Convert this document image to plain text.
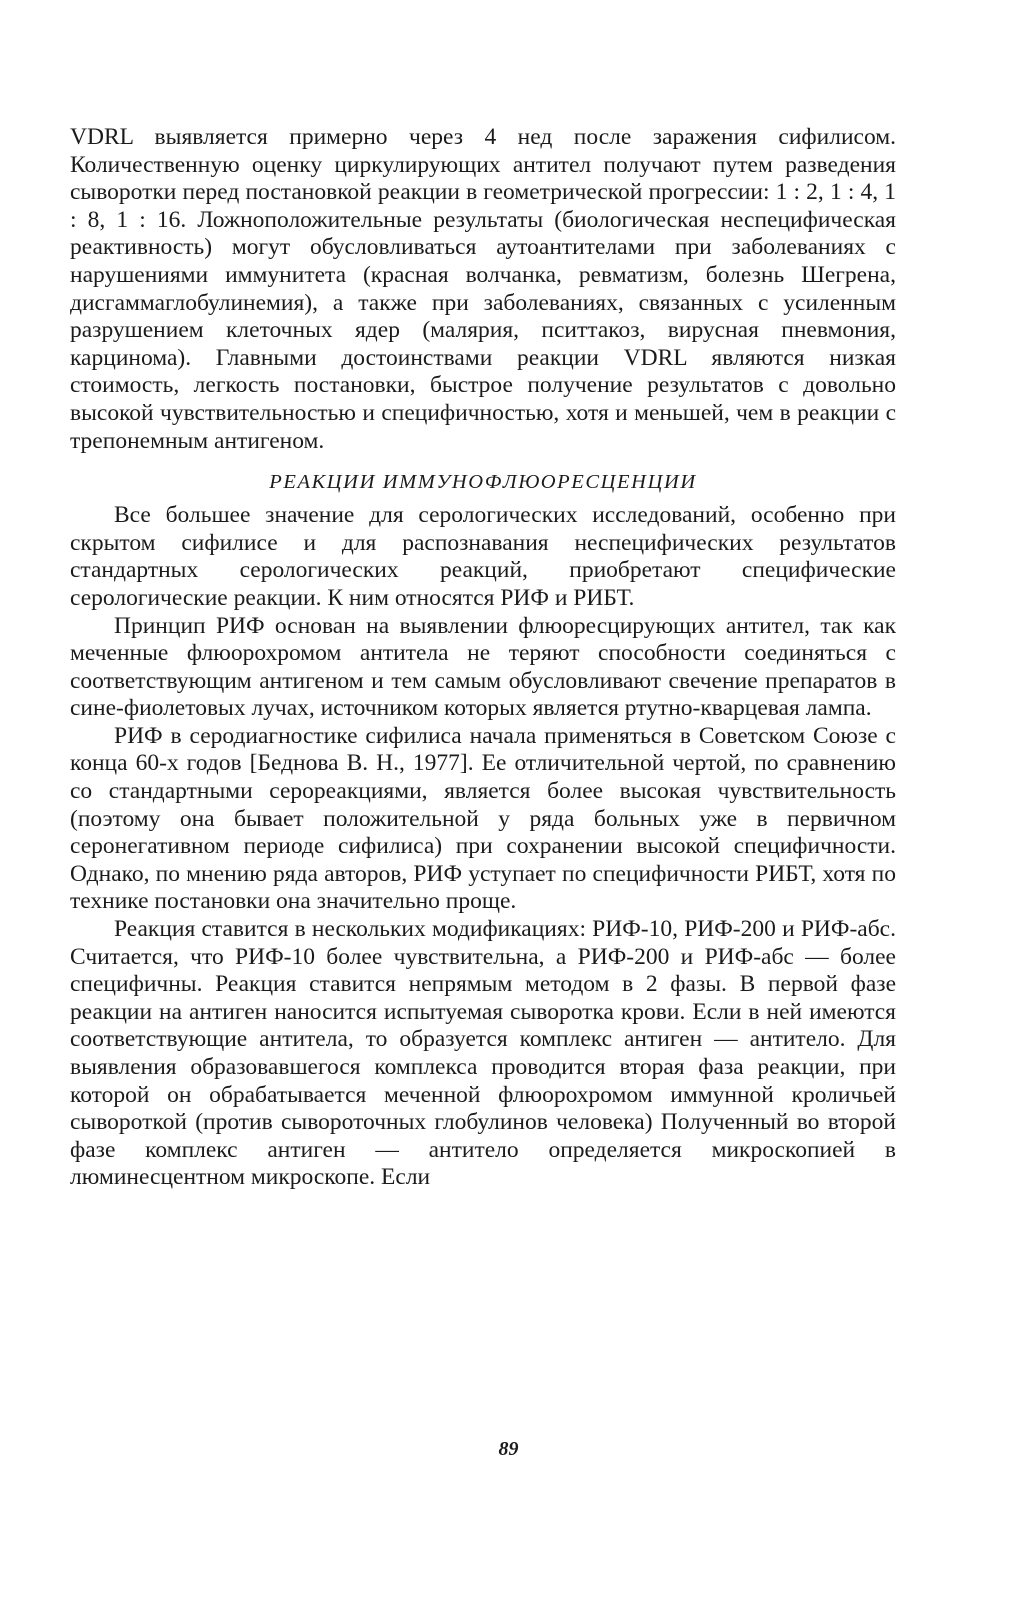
VDRL выявляется примерно через 4 нед после заражения сифилисом. Количественную оценку циркулирующих антител получают путем разведения сыворотки перед постановкой реакции в геометрической прогрессии: 1 : 2, 1 : 4, 1 : 8, 1 : 16. Ложноположительные результаты (биологическая неспецифическая реактивность) могут обусловливаться аутоантителами при заболеваниях с нарушениями иммунитета (красная волчанка, ревматизм, болезнь Шегрена, дисгаммаглобулинемия), а также при заболеваниях, связанных с усиленным разрушением клеточных ядер (малярия, пситтакоз, вирусная пневмония, карцинома). Главными достоинствами реакции VDRL являются низкая стоимость, легкость постановки, быстрое получение результатов с довольно высокой чувствительностью и специфичностью, хотя и меньшей, чем в реакции с трепонемным антигеном.

РЕАКЦИИ ИММУНОФЛЮОРЕСЦЕНЦИИ

Все большее значение для серологических исследований, особенно при скрытом сифилисе и для распознавания неспецифических результатов стандартных серологических реакций, приобретают специфические серологические реакции. К ним относятся РИФ и РИБТ.

Принцип РИФ основан на выявлении флюоресцирующих антител, так как меченные флюорохромом антитела не теряют способности соединяться с соответствующим антигеном и тем самым обусловливают свечение препаратов в сине-фиолетовых лучах, источником которых является ртутно-кварцевая лампа.

РИФ в серодиагностике сифилиса начала применяться в Советском Союзе с конца 60-х годов [Беднова В. Н., 1977]. Ее отличительной чертой, по сравнению со стандартными серореакциями, является более высокая чувствительность (поэтому она бывает положительной у ряда больных уже в первичном серонегативном периоде сифилиса) при сохранении высокой специфичности. Однако, по мнению ряда авторов, РИФ уступает по специфичности РИБТ, хотя по технике постановки она значительно проще.

Реакция ставится в нескольких модификациях: РИФ-10, РИФ-200 и РИФ-абс. Считается, что РИФ-10 более чувствительна, а РИФ-200 и РИФ-абс — более специфичны. Реакция ставится непрямым методом в 2 фазы. В первой фазе реакции на антиген наносится испытуемая сыворотка крови. Если в ней имеются соответствующие антитела, то образуется комплекс антиген — антитело. Для выявления образовавшегося комплекса проводится вторая фаза реакции, при которой он обрабатывается меченной флюорохромом иммунной кроличьей сывороткой (против сывороточных глобулинов человека) Полученный во второй фазе комплекс антиген — антитело определяется микроскопией в люминесцентном микроскопе. Если

89
